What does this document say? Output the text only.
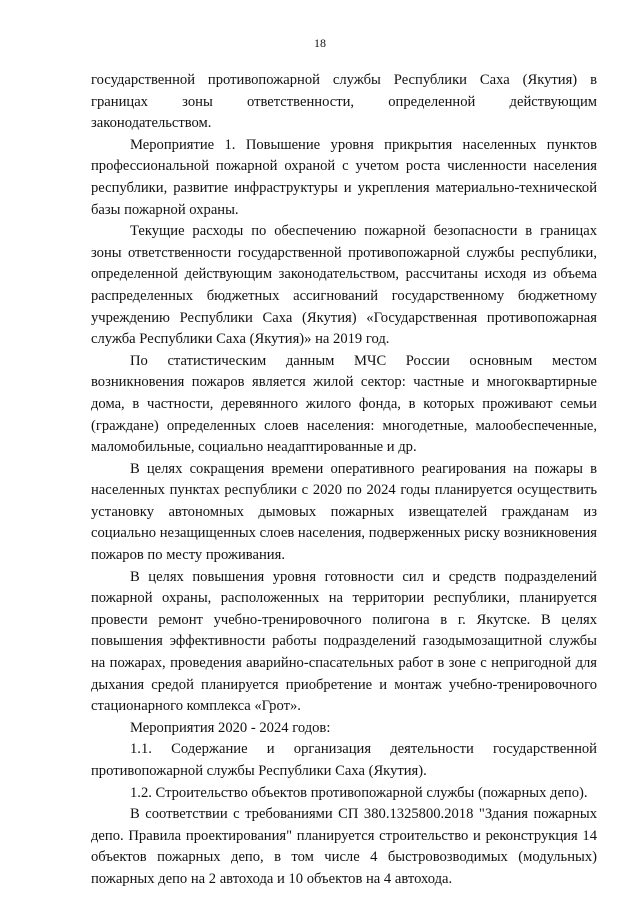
18

государственной противопожарной службы Республики Саха (Якутия) в границах зоны ответственности, определенной действующим законодательством.

Мероприятие 1. Повышение уровня прикрытия населенных пунктов профессиональной пожарной охраной с учетом роста численности населения республики, развитие инфраструктуры и укрепления материально-технической базы пожарной охраны.

Текущие расходы по обеспечению пожарной безопасности в границах зоны ответственности государственной противопожарной службы республики, определенной действующим законодательством, рассчитаны исходя из объема распределенных бюджетных ассигнований государственному бюджетному учреждению Республики Саха (Якутия) «Государственная противопожарная служба Республики Саха (Якутия)» на 2019 год.

По статистическим данным МЧС России основным местом возникновения пожаров является жилой сектор: частные и многоквартирные дома, в частности, деревянного жилого фонда, в которых проживают семьи (граждане) определенных слоев населения: многодетные, малообеспеченные, маломобильные, социально неадаптированные и др.

В целях сокращения времени оперативного реагирования на пожары в населенных пунктах республики с 2020 по 2024 годы планируется осуществить установку автономных дымовых пожарных извещателей гражданам из социально незащищенных слоев населения, подверженных риску возникновения пожаров по месту проживания.

В целях повышения уровня готовности сил и средств подразделений пожарной охраны, расположенных на территории республики, планируется провести ремонт учебно-тренировочного полигона в г. Якутске. В целях повышения эффективности работы подразделений газодымозащитной службы на пожарах, проведения аварийно-спасательных работ в зоне с непригодной для дыхания средой планируется приобретение и монтаж учебно-тренировочного стационарного комплекса «Грот».

Мероприятия 2020 - 2024 годов:

1.1. Содержание и организация деятельности государственной противопожарной службы Республики Саха (Якутия).

1.2. Строительство объектов противопожарной службы (пожарных депо).

В соответствии с требованиями СП 380.1325800.2018 "Здания пожарных депо. Правила проектирования" планируется строительство и реконструкция 14 объектов пожарных депо, в том числе 4 быстровозводимых (модульных) пожарных депо на 2 автохода и 10 объектов на 4 автохода.
